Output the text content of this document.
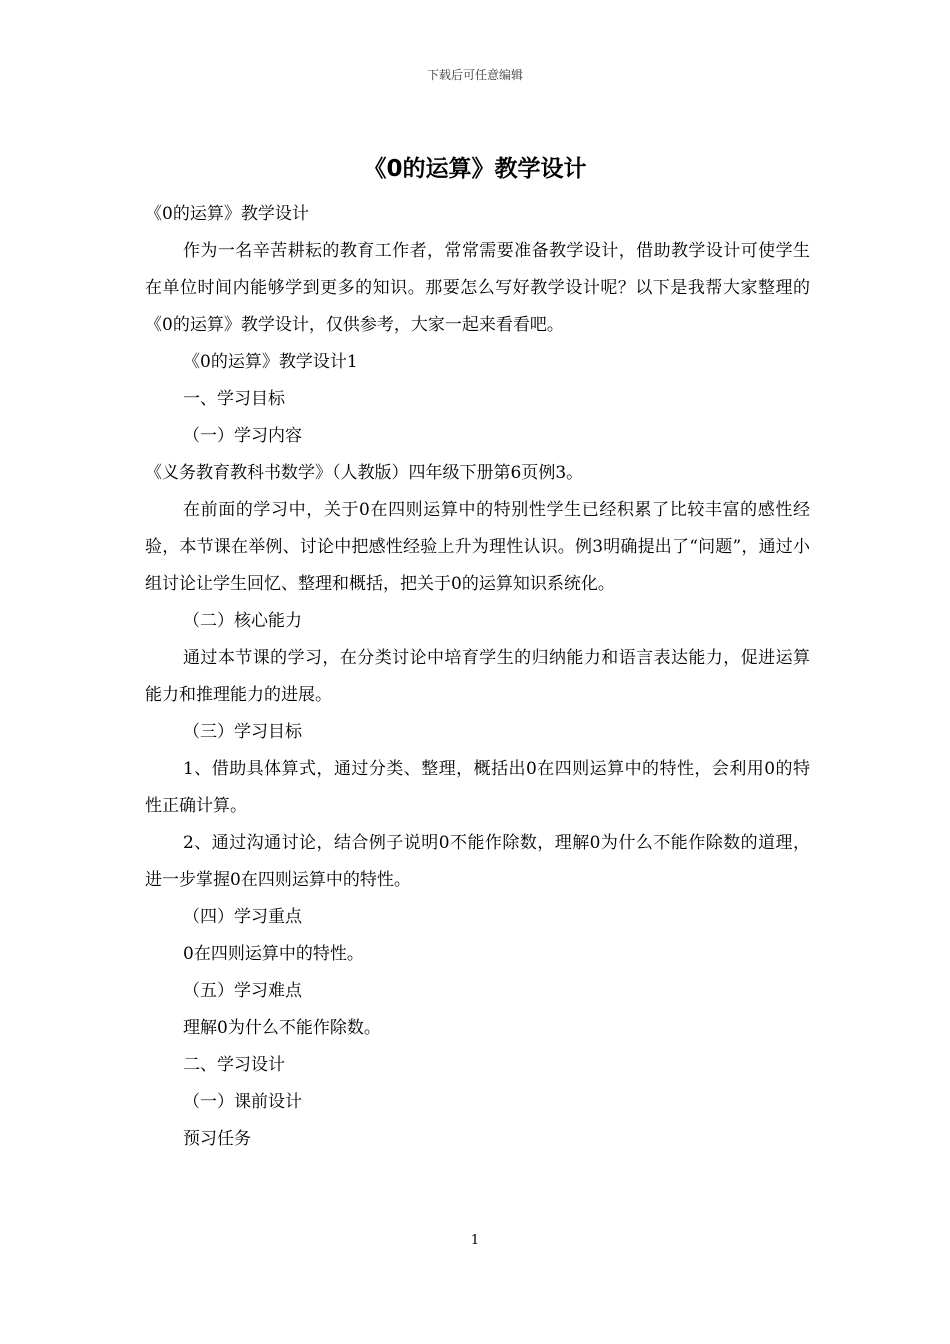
下载后可任意编辑
《0的运算》教学设计

《0的运算》教学设计

作为一名辛苦耕耘的教育工作者，常常需要准备教学设计，借助教学设计可使学生在单位时间内能够学到更多的知识。那要怎么写好教学设计呢？以下是我帮大家整理的《0的运算》教学设计，仅供参考，大家一起来看看吧。

《0的运算》教学设计1

一、学习目标

（一）学习内容

《义务教育教科书数学》（人教版）四年级下册第6页例3。

在前面的学习中，关于0在四则运算中的特别性学生已经积累了比较丰富的感性经验，本节课在举例、讨论中把感性经验上升为理性认识。例3明确提出了“问题”，通过小组讨论让学生回忆、整理和概括，把关于0的运算知识系统化。

（二）核心能力

通过本节课的学习，在分类讨论中培育学生的归纳能力和语言表达能力，促进运算能力和推理能力的进展。

（三）学习目标

1、借助具体算式，通过分类、整理，概括出0在四则运算中的特性，会利用0的特性正确计算。

2、通过沟通讨论，结合例子说明0不能作除数，理解0为什么不能作除数的道理，进一步掌握0在四则运算中的特性。

（四）学习重点

0在四则运算中的特性。

（五）学习难点

理解0为什么不能作除数。

二、学习设计

（一）课前设计

预习任务

1
